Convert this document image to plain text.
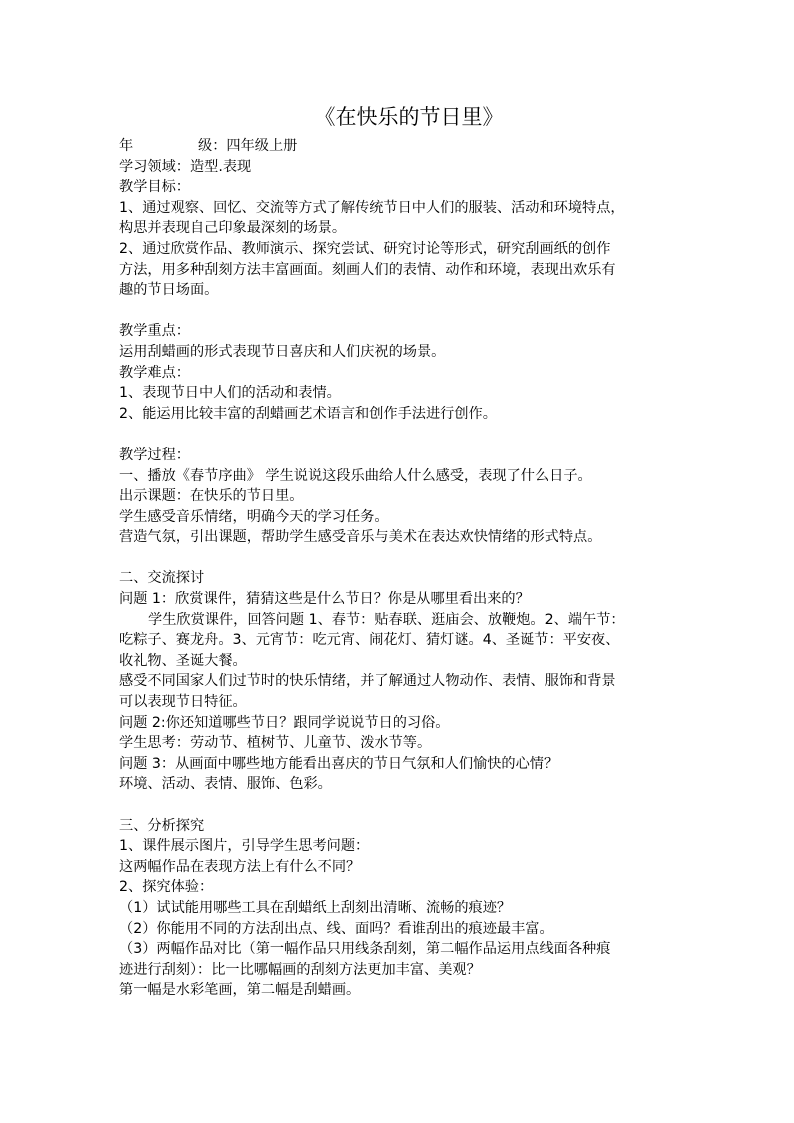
《在快乐的节日里》

年	级：四年级上册

学习领域：造型.表现

教学目标：

1、通过观察、回忆、交流等方式了解传统节日中人们的服装、活动和环境特点，

构思并表现自己印象最深刻的场景。

2、通过欣赏作品、教师演示、探究尝试、研究讨论等形式，研究刮画纸的创作

方法，用多种刮刻方法丰富画面。刻画人们的表情、动作和环境，表现出欢乐有

趣的节日场面。

教学重点：

运用刮蜡画的形式表现节日喜庆和人们庆祝的场景。

教学难点：

1、表现节日中人们的活动和表情。

2、能运用比较丰富的刮蜡画艺术语言和创作手法进行创作。

教学过程：

一、播放《春节序曲》 学生说说这段乐曲给人什么感受，表现了什么日子。

出示课题：在快乐的节日里。

学生感受音乐情绪，明确今天的学习任务。

营造气氛，引出课题，帮助学生感受音乐与美术在表达欢快情绪的形式特点。

二、交流探讨

问题 1：欣赏课件，猜猜这些是什么节日？你是从哪里看出来的？

学生欣赏课件，回答问题 1、春节：贴春联、逛庙会、放鞭炮。2、端午节：

吃粽子、赛龙舟。3、元宵节：吃元宵、闹花灯、猜灯谜。4、圣诞节：平安夜、

收礼物、圣诞大餐。

感受不同国家人们过节时的快乐情绪，并了解通过人物动作、表情、服饰和背景

可以表现节日特征。

问题 2:你还知道哪些节日？跟同学说说节日的习俗。

学生思考：劳动节、植树节、儿童节、泼水节等。

问题 3：从画面中哪些地方能看出喜庆的节日气氛和人们愉快的心情？

环境、活动、表情、服饰、色彩。

三、分析探究

1、课件展示图片，引导学生思考问题：

这两幅作品在表现方法上有什么不同？

2、探究体验：

（1）试试能用哪些工具在刮蜡纸上刮刻出清晰、流畅的痕迹？

（2）你能用不同的方法刮出点、线、面吗？看谁刮出的痕迹最丰富。

（3）两幅作品对比（第一幅作品只用线条刮刻，第二幅作品运用点线面各种痕

迹进行刮刻）：比一比哪幅画的刮刻方法更加丰富、美观？

第一幅是水彩笔画，第二幅是刮蜡画。
